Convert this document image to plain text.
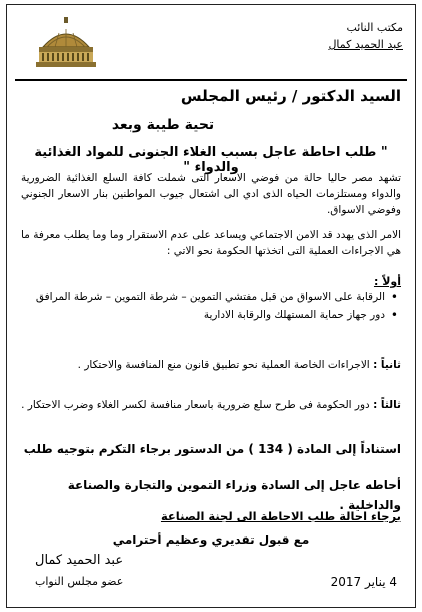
مكتب النائب
عبد الحميد كمال
السيد الدكتور / رئيس المجلس
تحية طيبة وبعد
" طلب احاطة عاجل بسبب الغلاء الجنونى للمواد الغذائية والدواء "
تشهد مصر حاليا حالة من فوضي الاسعار التى شملت كافة السلع الغذائية الضرورية والدواء ومستلزمات الحياه الذى ادي الى اشتعال جيوب المواطنين بنار الاسعار الجنوني وفوضي الاسواق.
الامر الذى يهدد قد الامن الاجتماعي ويساعد على عدم الاستقرار وما وما يطلب معرفة ما هي الاجراءات العملية التى اتخذتها الحكومة نحو الاتي :
أولاً :
• الرقابة على الاسواق من قبل مفتشي التموين – شرطة التموين – شرطة المرافق
• دور جهاز حماية المستهلك والرقابة الادارية
ثانياً : الاجراءات الخاصة العملية نحو تطبيق قانون منع المنافسة والاحتكار .
ثالثاً : دور الحكومة فى طرح سلع ضرورية باسعار منافسة لكسر الغلاء وضرب الاحتكار .
استناداً إلى المادة ( 134 ) من الدستور برجاء التكرم بتوجيه طلب
أحاطه عاجل إلى السادة وزراء التموين والتجارة والصناعة والداخلية .
برجاء احالة طلب الاحاطة الى لجنة الصناعة
مع قبول تقديري وعظيم أحترامي
عبد الحميد كمال
عضو مجلس النواب	4 يناير 2017
